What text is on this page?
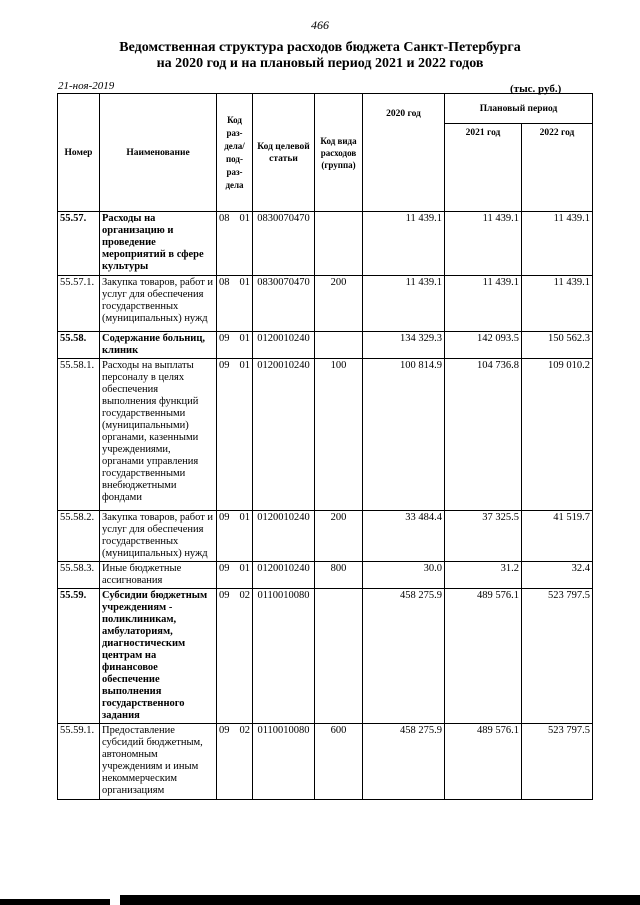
466
Ведомственная структура расходов бюджета Санкт-Петербурга
на 2020 год и на плановый период 2021 и 2022 годов
21-ноя-2019	(тыс. руб.)
Номер	Наименование	Код раз-дела/ под-раз-дела	Код целевой статьи	Код вида расходов (группа)	2020 год	Плановый период	
						2021 год	2022 год
55.57.	Расходы на организацию и проведение мероприятий в сфере культуры	08 01	0830070470		11 439.1	11 439.1	11 439.1
55.57.1.	Закупка товаров, работ и услуг для обеспечения государственных (муниципальных) нужд	08 01	0830070470	200	11 439.1	11 439.1	11 439.1
55.58.	Содержание больниц, клиник	09 01	0120010240		134 329.3	142 093.5	150 562.3
55.58.1.	Расходы на выплаты персоналу в целях обеспечения выполнения функций государственными (муниципальными) органами, казенными учреждениями, органами управления государственными внебюджетными фондами	09 01	0120010240	100	100 814.9	104 736.8	109 010.2
55.58.2.	Закупка товаров, работ и услуг для обеспечения государственных (муниципальных) нужд	09 01	0120010240	200	33 484.4	37 325.5	41 519.7
55.58.3.	Иные бюджетные ассигнования	09 01	0120010240	800	30.0	31.2	32.4
55.59.	Субсидии бюджетным учреждениям - поликлиникам, амбулаториям, диагностическим центрам на финансовое обеспечение выполнения государственного задания	09 02	0110010080		458 275.9	489 576.1	523 797.5
55.59.1.	Предоставление субсидий бюджетным, автономным учреждениям и иным некоммерческим организациям	09 02	0110010080	600	458 275.9	489 576.1	523 797.5
